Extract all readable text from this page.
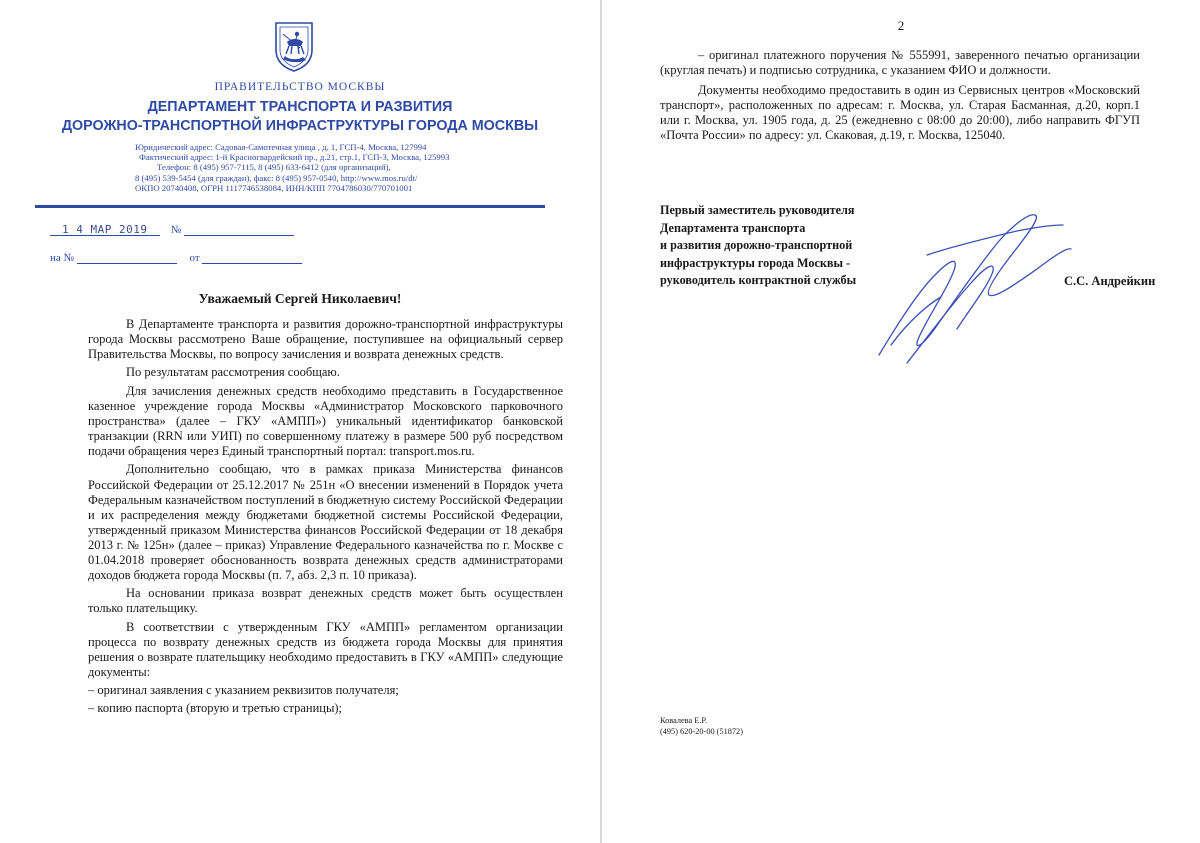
ПРАВИТЕЛЬСТВО МОСКВЫ
ДЕПАРТАМЕНТ ТРАНСПОРТА И РАЗВИТИЯ
ДОРОЖНО-ТРАНСПОРТНОЙ ИНФРАСТРУКТУРЫ ГОРОДА МОСКВЫ
Юридический адрес: Садовая-Самотечная улица , д. 1, ГСП-4, Москва, 127994
Фактический адрес: 1-й Красногвардейский пр., д.21, стр.1, ГСП-3, Москва, 125993
Телефон: 8 (495) 957-7115, 8 (495) 633-6412 (для организаций),
8 (495) 539-5454 (для граждан), факс: 8 (495) 957-0540, http://www.mos.ru/dt/
ОКПО 20740408, ОГРН 1117746538084, ИНН/КПП 7704786030/770701001
1 4 МАР 2019 №
на №	от
Уважаемый Сергей Николаевич!

В Департаменте транспорта и развития дорожно-транспортной инфраструктуры города Москвы рассмотрено Ваше обращение, поступившее на официальный сервер Правительства Москвы, по вопросу зачисления и возврата денежных средств.

По результатам рассмотрения сообщаю.

Для зачисления денежных средств необходимо представить в Государственное казенное учреждение города Москвы «Администратор Московского парковочного пространства» (далее – ГКУ «АМПП») уникальный идентификатор банковской транзакции (RRN или УИП) по совершенному платежу в размере 500 руб посредством подачи обращения через Единый транспортный портал: transport.mos.ru.

Дополнительно сообщаю, что в рамках приказа Министерства финансов Российской Федерации от 25.12.2017 № 251н «О внесении изменений в Порядок учета Федеральным казначейством поступлений в бюджетную систему Российской Федерации и их распределения между бюджетами бюджетной системы Российской Федерации, утвержденный приказом Министерства финансов Российской Федерации от 18 декабря 2013 г. № 125н» (далее – приказ) Управление Федерального казначейства по г. Москве с 01.04.2018 проверяет обоснованность возврата денежных средств администраторами доходов бюджета города Москвы (п. 7, абз. 2,3 п. 10 приказа).

На основании приказа возврат денежных средств может быть осуществлен только плательщику.

В соответствии с утвержденным ГКУ «АМПП» регламентом организации процесса по возврату денежных средств из бюджета города Москвы для принятия решения о возврате плательщику необходимо предоставить в ГКУ «АМПП» следующие документы:

– оригинал заявления с указанием реквизитов получателя;

– копию паспорта (вторую и третью страницы);

2

– оригинал платежного поручения № 555991, заверенного печатью организации (круглая печать) и подписью сотрудника, с указанием ФИО и должности.

Документы необходимо предоставить в один из Сервисных центров «Московский транспорт», расположенных по адресам: г. Москва, ул. Старая Басманная, д.20, корп.1 или г. Москва, ул. 1905 года, д. 25 (ежедневно с 08:00 до 20:00), либо направить ФГУП «Почта России» по адресу: ул. Скаковая, д.19, г. Москва, 125040.

Первый заместитель руководителя
Департамента транспорта
и развития дорожно-транспортной
инфраструктуры города Москвы -
руководитель контрактной службы	С.С. Андрейкин
Ковалева Е.Р.
(495) 620-20-00 (51872)
